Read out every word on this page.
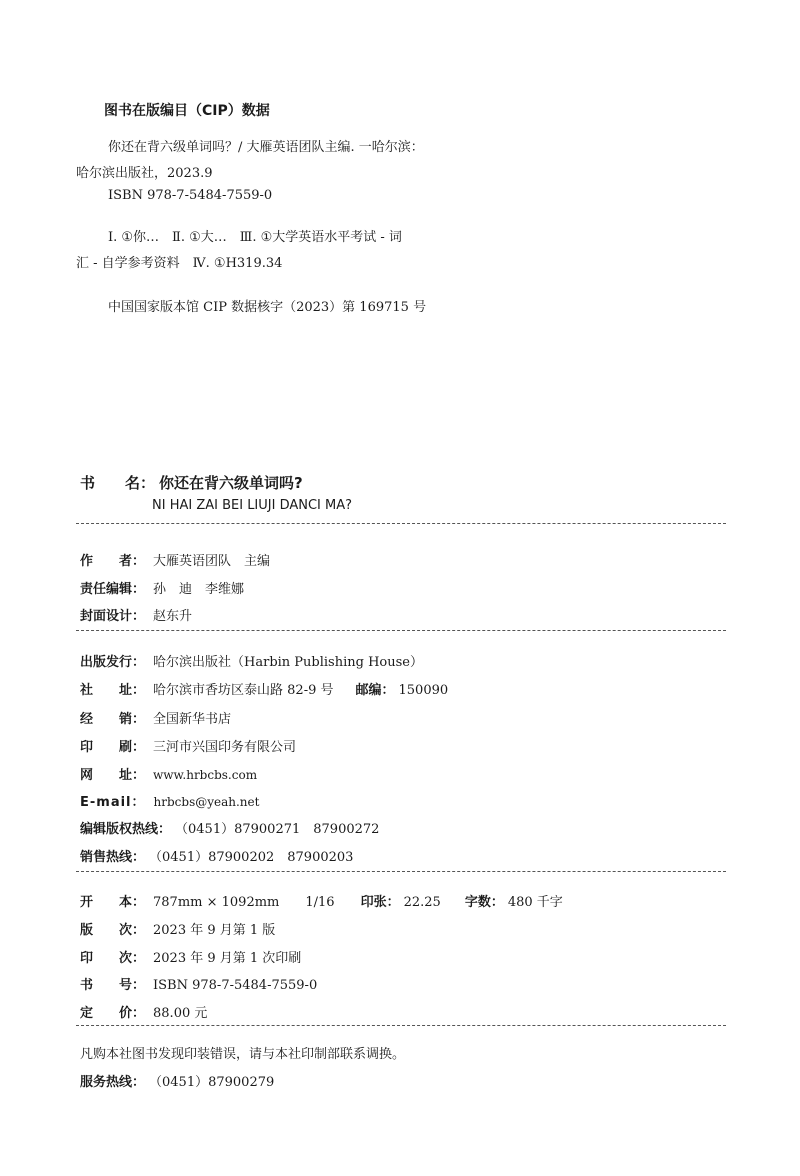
图书在版编目（CIP）数据
你还在背六级单词吗？/ 大雁英语团队主编. 一哈尔滨：
哈尔滨出版社，2023.9
ISBN 978-7-5484-7559-0
Ⅰ. ①你…　Ⅱ. ①大…　Ⅲ. ①大学英语水平考试 - 词
汇 - 自学参考资料　Ⅳ. ①H319.34
中国国家版本馆 CIP 数据核字（2023）第 169715 号
书　　名： 你还在背六级单词吗?
NI HAI ZAI BEI LIUJI DANCI MA?
作　　者： 大雁英语团队　主编
责任编辑： 孙　迪　李维娜
封面设计： 赵东升
出版发行： 哈尔滨出版社（Harbin Publishing House）
社　　址： 哈尔滨市香坊区泰山路 82-9 号 邮编： 150090
经　　销： 全国新华书店
印　　刷： 三河市兴国印务有限公司
网　　址： www.hrbcbs.com
E-mail： hrbcbs@yeah.net
编辑版权热线： （0451）87900271　87900272
销售热线： （0451）87900202　87900203
开　　本： 787mm × 1092mm　　1/16 印张： 22.25 字数： 480 千字
版　　次： 2023 年 9 月第 1 版
印　　次： 2023 年 9 月第 1 次印刷
书　　号： ISBN 978-7-5484-7559-0
定　　价： 88.00 元
凡购本社图书发现印装错误，请与本社印制部联系调换。
服务热线： （0451）87900279
